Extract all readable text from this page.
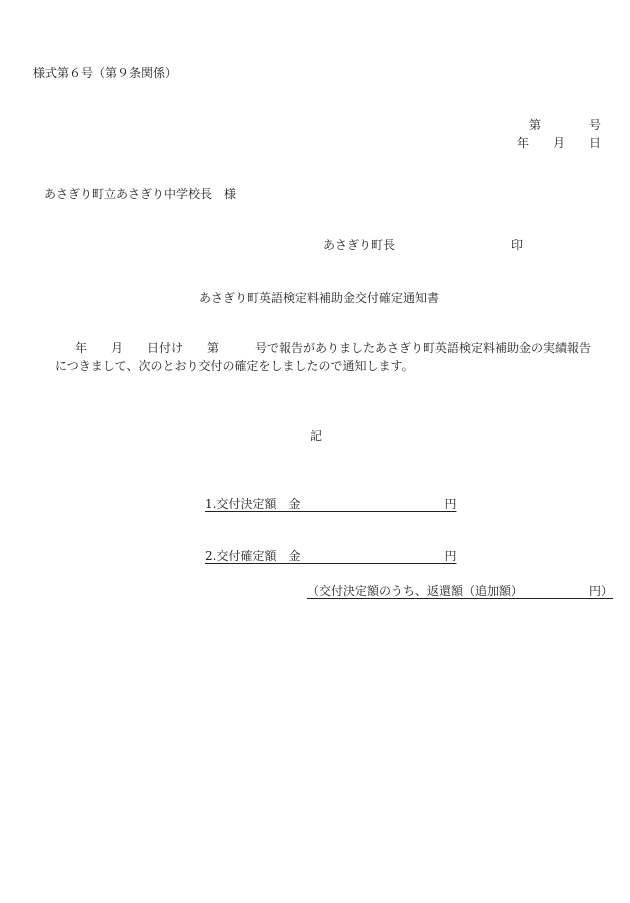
様式第６号（第９条関係）
第　　　　号
年　　月　　日
あさぎり町立あさぎり中学校長　様
あさぎり町長	印
あさぎり町英語検定料補助金交付確定通知書
　年　　月　　日付け　　第　　　号で報告がありましたあさぎり町英語検定料補助金の実績報告
につきまして、次のとおり交付の確定をしましたので通知します。
記
1.交付決定額　金　　　　　　　　　　　　円
2.交付確定額　金　　　　　　　　　　　　円
（交付決定額のうち、返還額（追加額）　　　　　　円）
